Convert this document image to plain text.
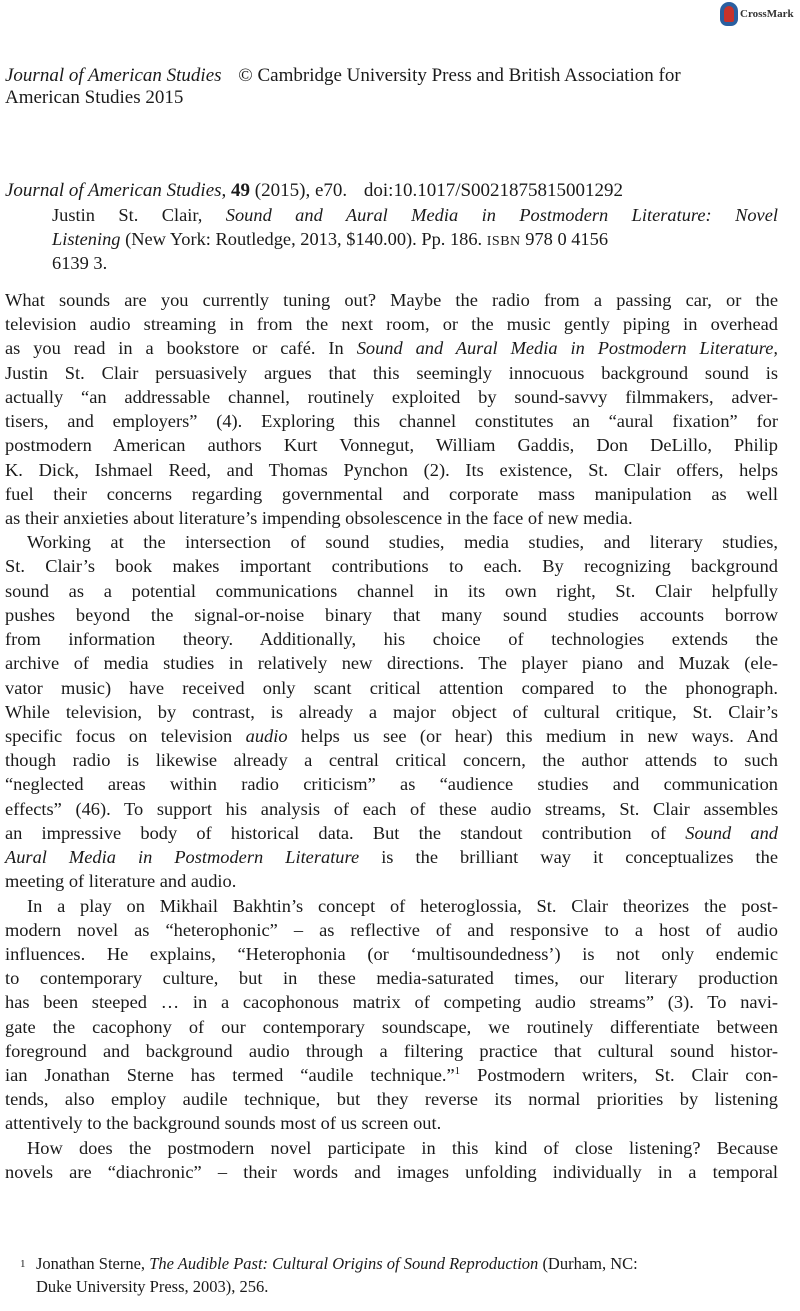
CrossMark
Journal of American Studies © Cambridge University Press and British Association for
American Studies 2015
Journal of American Studies, 49 (2015), e70. doi:10.1017/S0021875815001292
Justin St. Clair, Sound and Aural Media in Postmodern Literature: Novel
Listening (New York: Routledge, 2013, $140.00). Pp. 186. ISBN 978 0 4156
6139 3.
What sounds are you currently tuning out? Maybe the radio from a passing car, or the
television audio streaming in from the next room, or the music gently piping in overhead
as you read in a bookstore or café. In Sound and Aural Media in Postmodern Literature,
Justin St. Clair persuasively argues that this seemingly innocuous background sound is
actually “an addressable channel, routinely exploited by sound-savvy filmmakers, adver-
tisers, and employers” (4). Exploring this channel constitutes an “aural fixation” for
postmodern American authors Kurt Vonnegut, William Gaddis, Don DeLillo, Philip
K. Dick, Ishmael Reed, and Thomas Pynchon (2). Its existence, St. Clair offers, helps
fuel their concerns regarding governmental and corporate mass manipulation as well
as their anxieties about literature’s impending obsolescence in the face of new media.
Working at the intersection of sound studies, media studies, and literary studies,
St. Clair’s book makes important contributions to each. By recognizing background
sound as a potential communications channel in its own right, St. Clair helpfully
pushes beyond the signal-or-noise binary that many sound studies accounts borrow
from information theory. Additionally, his choice of technologies extends the
archive of media studies in relatively new directions. The player piano and Muzak (ele-
vator music) have received only scant critical attention compared to the phonograph.
While television, by contrast, is already a major object of cultural critique, St. Clair’s
specific focus on television audio helps us see (or hear) this medium in new ways. And
though radio is likewise already a central critical concern, the author attends to such
“neglected areas within radio criticism” as “audience studies and communication
effects” (46). To support his analysis of each of these audio streams, St. Clair assembles
an impressive body of historical data. But the standout contribution of Sound and
Aural Media in Postmodern Literature is the brilliant way it conceptualizes the
meeting of literature and audio.
In a play on Mikhail Bakhtin’s concept of heteroglossia, St. Clair theorizes the post-
modern novel as “heterophonic” – as reflective of and responsive to a host of audio
influences. He explains, “Heterophonia (or ‘multisoundedness’) is not only endemic
to contemporary culture, but in these media-saturated times, our literary production
has been steeped … in a cacophonous matrix of competing audio streams” (3). To navi-
gate the cacophony of our contemporary soundscape, we routinely differentiate between
foreground and background audio through a filtering practice that cultural sound histor-
ian Jonathan Sterne has termed “audile technique.”$^1$ Postmodern writers, St. Clair con-
tends, also employ audile technique, but they reverse its normal priorities by listening
attentively to the background sounds most of us screen out.
How does the postmodern novel participate in this kind of close listening? Because
novels are “diachronic” – their words and images unfolding individually in a temporal
1 Jonathan Sterne, The Audible Past: Cultural Origins of Sound Reproduction (Durham, NC:
Duke University Press, 2003), 256.
